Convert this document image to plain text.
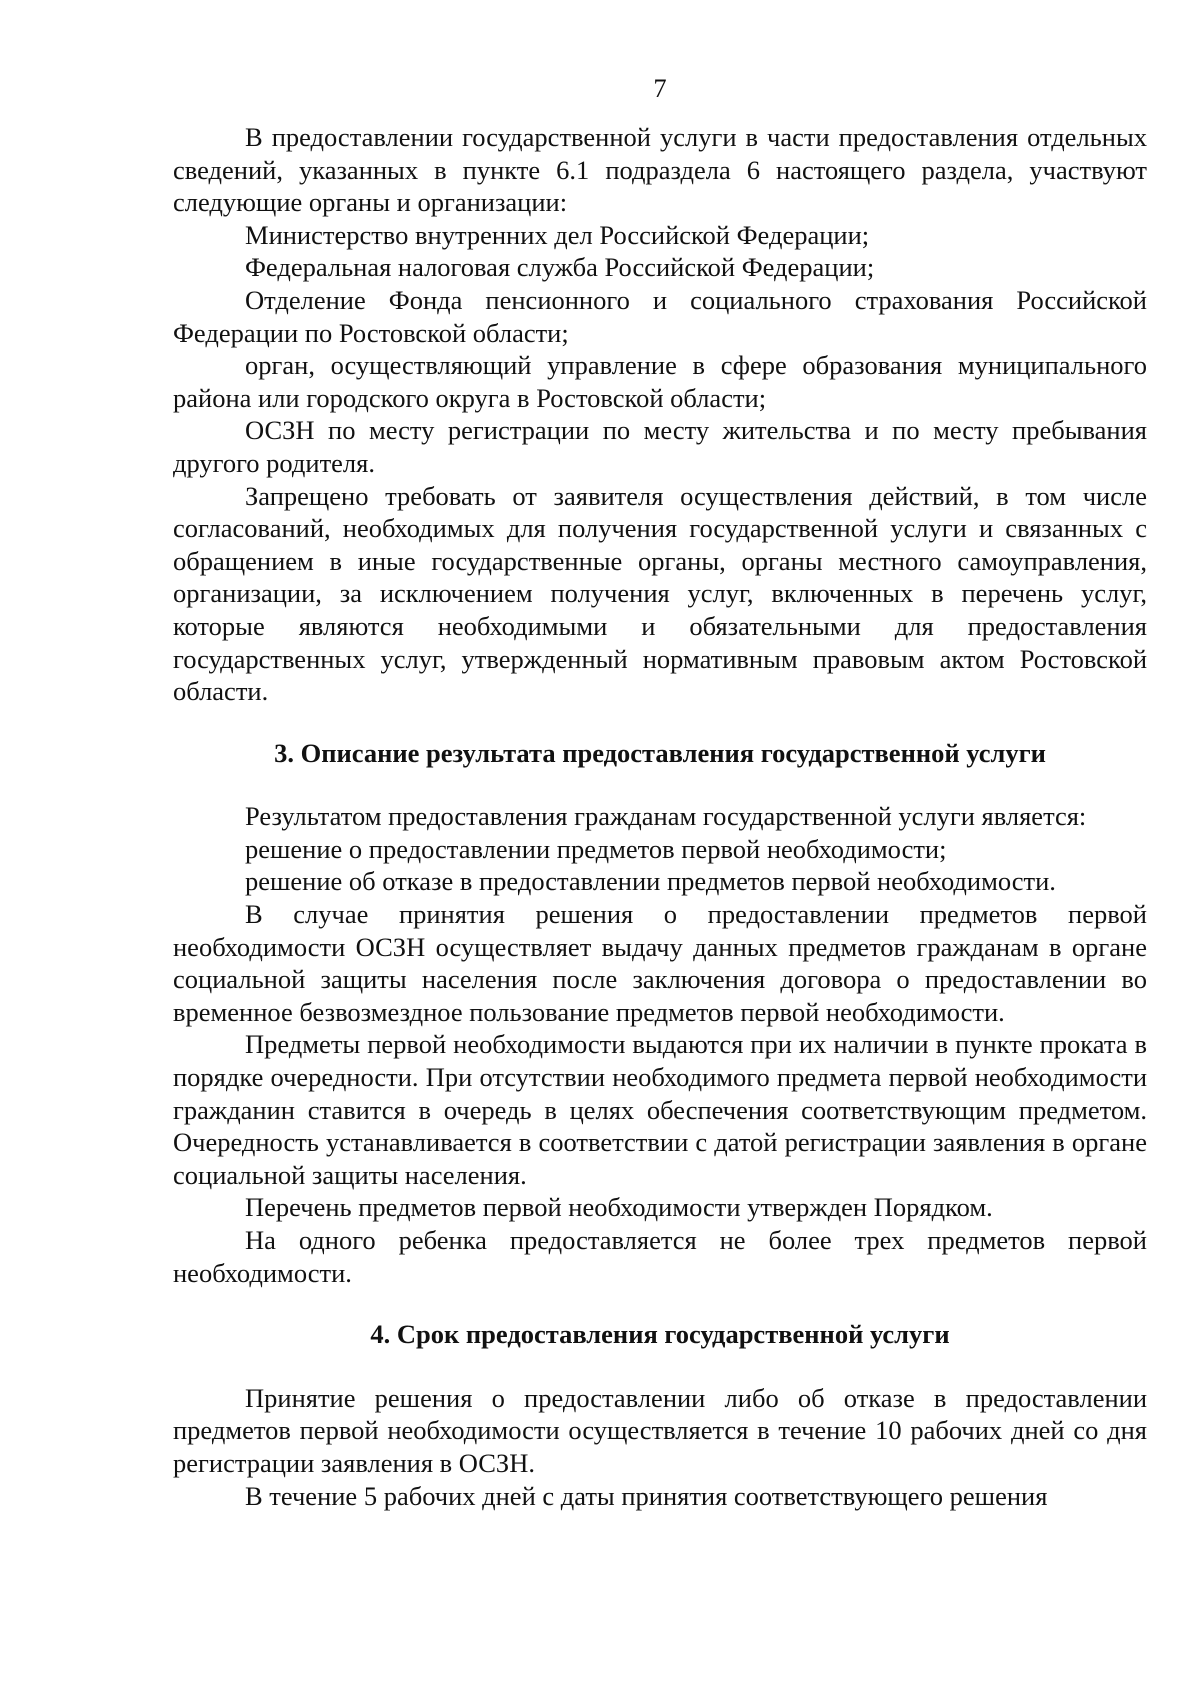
7

В предоставлении государственной услуги в части предоставления отдельных сведений, указанных в пункте 6.1 подраздела 6 настоящего раздела, участвуют следующие органы и организации:

Министерство внутренних дел Российской Федерации;

Федеральная налоговая служба Российской Федерации;

Отделение Фонда пенсионного и социального страхования Российской Федерации по Ростовской области;

орган, осуществляющий управление в сфере образования муниципального района или городского округа в Ростовской области;

ОСЗН по месту регистрации по месту жительства и по месту пребывания другого родителя.

Запрещено требовать от заявителя осуществления действий, в том числе согласований, необходимых для получения государственной услуги и связанных с обращением в иные государственные органы, органы местного самоуправления, организации, за исключением получения услуг, включенных в перечень услуг, которые являются необходимыми и обязательными для предоставления государственных услуг, утвержденный нормативным правовым актом Ростовской области.

3. Описание результата предоставления государственной услуги

Результатом предоставления гражданам государственной услуги является:

решение о предоставлении предметов первой необходимости;

решение об отказе в предоставлении предметов первой необходимости.

В случае принятия решения о предоставлении предметов первой необходимости ОСЗН осуществляет выдачу данных предметов гражданам в органе социальной защиты населения после заключения договора о предоставлении во временное безвозмездное пользование предметов первой необходимости.

Предметы первой необходимости выдаются при их наличии в пункте проката в порядке очередности. При отсутствии необходимого предмета первой необходимости гражданин ставится в очередь в целях обеспечения соответствующим предметом. Очередность устанавливается в соответствии с датой регистрации заявления в органе социальной защиты населения.

Перечень предметов первой необходимости утвержден Порядком.

На одного ребенка предоставляется не более трех предметов первой необходимости.

4. Срок предоставления государственной услуги

Принятие решения о предоставлении либо об отказе в предоставлении предметов первой необходимости осуществляется в течение 10 рабочих дней со дня регистрации заявления в ОСЗН.

В течение 5 рабочих дней с даты принятия соответствующего решения
